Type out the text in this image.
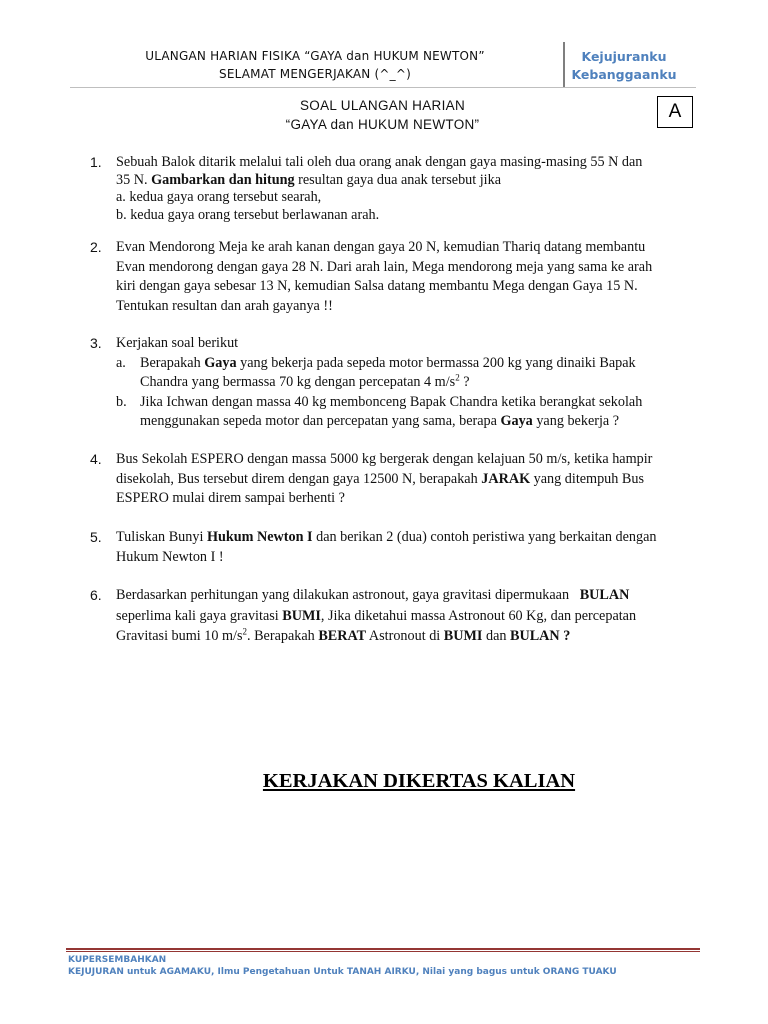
ULANGAN HARIAN FISIKA “GAYA dan HUKUM NEWTON”
SELAMAT MENGERJAKAN (^_^)
Kejujuranku
Kebanggaanku
SOAL ULANGAN HARIAN
“GAYA dan HUKUM NEWTON”
A
1. Sebuah Balok ditarik melalui tali oleh dua orang anak dengan gaya masing-masing 55 N dan
35 N. Gambarkan dan hitung resultan gaya dua anak tersebut jika
a. kedua gaya orang tersebut searah,
b. kedua gaya orang tersebut berlawanan arah.
2. Evan Mendorong Meja ke arah kanan dengan gaya 20 N, kemudian Thariq datang membantu
Evan mendorong dengan gaya 28 N. Dari arah lain, Mega mendorong meja yang sama ke arah
kiri dengan gaya sebesar 13 N, kemudian Salsa datang membantu Mega dengan Gaya 15 N.
Tentukan resultan dan arah gayanya !!
3. Kerjakan soal berikut
a. Berapakah Gaya yang bekerja pada sepeda motor bermassa 200 kg yang dinaiki Bapak
Chandra yang bermassa 70 kg dengan percepatan 4 $m/s^2$ ?
b. Jika Ichwan dengan massa 40 kg membonceng Bapak Chandra ketika berangkat sekolah
menggunakan sepeda motor dan percepatan yang sama, berapa Gaya yang bekerja ?
4. Bus Sekolah ESPERO dengan massa 5000 kg bergerak dengan kelajuan 50 m/s, ketika hampir
disekolah, Bus tersebut direm dengan gaya 12500 N, berapakah JARAK yang ditempuh Bus
ESPERO mulai direm sampai berhenti ?
5. Tuliskan Bunyi Hukum Newton I dan berikan 2 (dua) contoh peristiwa yang berkaitan dengan
Hukum Newton I !
6. Berdasarkan perhitungan yang dilakukan astronout, gaya gravitasi dipermukaan BULAN
seperlima kali gaya gravitasi BUMI, Jika diketahui massa Astronout 60 Kg, dan percepatan
Gravitasi bumi 10 $m/s^2$. Berapakah BERAT Astronout di BUMI dan BULAN ?
KERJAKAN DIKERTAS KALIAN
KUPERSEMBAHKAN
KEJUJURAN untuk AGAMAKU, Ilmu Pengetahuan Untuk TANAH AIRKU, Nilai yang bagus untuk ORANG TUAKU
